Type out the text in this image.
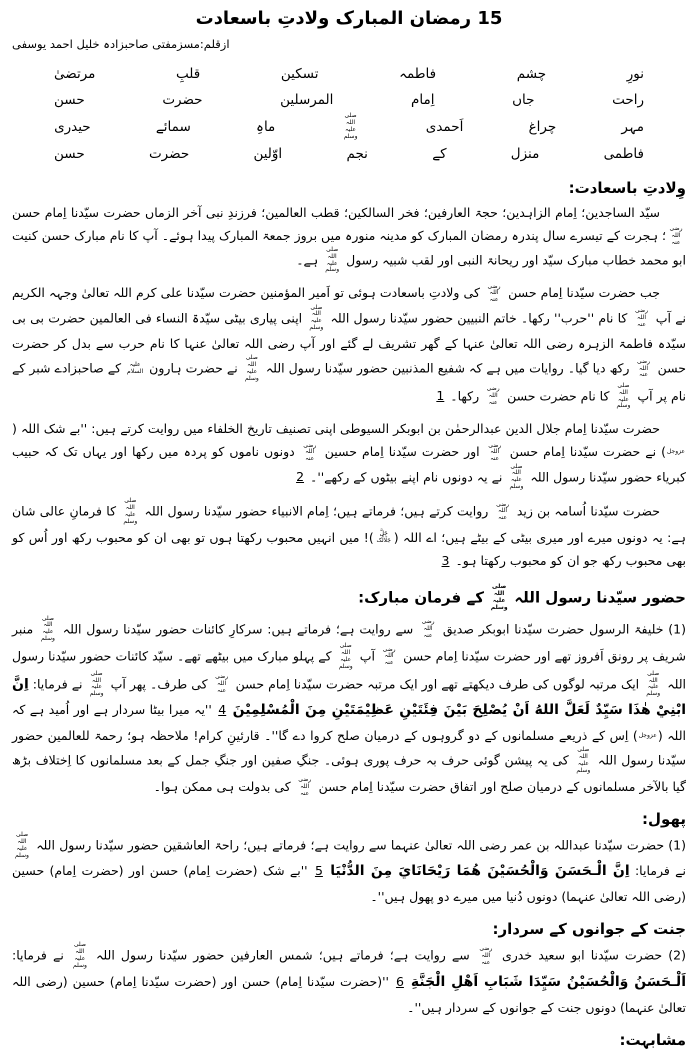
15 رمضان المبارک ولادتِ باسعادت
ازقلم:مسزمفتی صاحبزادہ خلیل احمد یوسفی
نورِ
چشم
فاطمہ
تسکین
قلبِ
مرتضیٰ
راحت
جاں
اِمام
المرسلین
حضرت
حسن
مہر
چراغ
اَحمدی
صلی اللہ علیہ وسلم
ماہِ
سمائے
حیدری
فاطمی
منزل
کے
نجم
اوّلین
حضرت
حسن
وِلادتِ باسعادت:

سیّد الساجدین؛ اِمام الزاہدین؛ حجۃ العارفین؛ فخر السالکین؛ قطب العالمین؛ فرزندِ نبی آخر الزماں حضرت سیّدنا اِمام حسن رضی اللہ عنہ؛ ہجرت کے تیسرے سال پندرہ رمضان المبارک کو مدینہ منورہ میں بروز جمعۃ المبارک پیدا ہوئے۔ آپ کا نام مبارک حسن کنیت ابو محمد خطاب مبارک سیّد اور ریحانۃ النبی اور لقب شبیہ رسول صلی اللہ علیہ وسلم ہے۔

جب حضرت سیّدنا اِمام حسن رضی اللہ عنہ کی ولادتِ باسعادت ہوئی تو اَمیر المؤمنین حضرت سیّدنا علی کرم اللہ تعالیٰ وجہہ الکریم نے آپ رضی اللہ عنہ کا نام ''حرب'' رکھا۔ خاتم النبیین حضور سیّدنا رسول اللہ صلی اللہ علیہ وسلم اپنی پیاری بیٹی سیّدۃ النساء فی العالمین حضرت بی بی سیّدہ فاطمۃ الزہرہ رضی اللہ تعالیٰ عنہا کے گھر تشریف لے گئے اور آپ رضی اللہ تعالیٰ عنہا کا نام حرب سے بدل کر حضرت حسن رضی اللہ عنہ رکھ دیا گیا۔ روایات میں ہے کہ شفیع المذنبین حضور سیّدنا رسول اللہ صلی اللہ علیہ وسلم نے حضرت ہارون علیہ السلام کے صاحبزادے شبر کے نام پر آپ صلی اللہ علیہ وسلم کا نام حضرت حسن رضی اللہ عنہ رکھا۔ 1

حضرت سیّدنا اِمام جلال الدین عبدالرحمٰن بن ابوبکر السیوطی اپنی تصنیف تاریخ الخلفاء میں روایت کرتے ہیں: ''بے شک اللہ (عزوجل) نے حضرت سیّدنا اِمام حسن رضی اللہ عنہ اور حضرت سیّدنا اِمام حسین رضی اللہ عنہ دونوں ناموں کو پردہ میں رکھا اور یہاں تک کہ حبیب کبریاء حضور سیّدنا رسول اللہ صلی اللہ علیہ وسلم نے یہ دونوں نام اپنے بیٹوں کے رکھے''۔ 2

حضرت سیّدنا اُسامہ بن زید رضی اللہ عنہ روایت کرتے ہیں؛ فرماتے ہیں؛ اِمام الانبیاء حضور سیّدنا رسول اللہ صلی اللہ علیہ وسلم کا فرمانِ عالی شان ہے: یہ دونوں میرے اور میری بیٹی کے بیٹے ہیں؛ اے اللہ (جَلَّ جَلَالُک)! میں انہیں محبوب رکھتا ہوں تو بھی ان کو محبوب رکھ اور اُس کو بھی محبوب رکھ جو ان کو محبوب رکھتا ہو۔ 3

حضور سیّدنا رسول اللہ صلی اللہ علیہ وسلم کے فرمان مبارک:

(1) خلیفۃ الرسول حضرت سیّدنا ابوبکر صدیق رضی اللہ عنہ سے روایت ہے؛ فرماتے ہیں: سرکارِ کائنات حضور سیّدنا رسول اللہ صلی اللہ علیہ وسلم منبر شریف پر رونق اَفروز تھے اور حضرت سیّدنا اِمام حسن رضی اللہ عنہ آپ صلی اللہ علیہ وسلم کے پہلو مبارک میں بیٹھے تھے۔ سیّد کائنات حضور سیّدنا رسول اللہ صلی اللہ علیہ وسلم ایک مرتبہ لوگوں کی طرف دیکھتے تھے اور ایک مرتبہ حضرت سیّدنا اِمام حسن رضی اللہ عنہ کی طرف۔ پھر آپ صلی اللہ علیہ وسلم نے فرمایا: اِنَّ ابْنِيْ هٰذَا سَيِّدٌ لَعَلَّ اللهُ اَنْ يُصْلِحَ بَيْنَ فِئَتَيْنِ عَظِيْمَتَيْنِ مِنَ الْمُسْلِمِيْنَ 4 ''یہ میرا بیٹا سردار ہے اور اُمید ہے کہ اللہ (عزوجل) اِس کے ذریعے مسلمانوں کے دو گروہوں کے درمیان صلح کروا دے گا''۔ قارئینِ کرام! ملاحظہ ہو؛ رحمۃ للعالمین حضور سیّدنا رسول اللہ صلی اللہ علیہ وسلم کی یہ پیشن گوئی حرف بہ حرف پوری ہوئی۔ جنگِ صفین اور جنگِ جمل کے بعد مسلمانوں کا اِختلاف بڑھ گیا بالآخر مسلمانوں کے درمیان صلح اور اتفاق حضرت سیّدنا اِمام حسن رضی اللہ عنہ کی بدولت ہی ممکن ہوا۔

پھول:

(1) حضرت سیّدنا عبداللہ بن عمر رضی اللہ تعالیٰ عنہما سے روایت ہے؛ فرماتے ہیں؛ راحۃ العاشقین حضور سیّدنا رسول اللہ صلی اللہ علیہ وسلم نے فرمایا: اِنَّ الْـحَسَنَ وَالْحُسَيْنَ هُمَا رَيْحَانَايَ مِنَ الدُّنْيَا 5 ''بے شک (حضرت اِمام) حسن اور (حضرت اِمام) حسین (رضی اللہ تعالیٰ عنہما) دونوں دُنیا میں میرے دو پھول ہیں''۔

جنت کے جوانوں کے سردار:

(2) حضرت سیّدنا ابو سعید خدری رضی اللہ عنہ سے روایت ہے؛ فرماتے ہیں؛ شمس العارفین حضور سیّدنا رسول اللہ صلی اللہ علیہ وسلم نے فرمایا: اَلْـحَسَنُ وَالْحُسَيْنُ سَيِّدَا شَبَابِ اَهْلِ الْجَنَّةِ 6 ''(حضرت سیّدنا اِمام) حسن اور (حضرت سیّدنا اِمام) حسین (رضی اللہ تعالیٰ عنہما) دونوں جنت کے جوانوں کے سردار ہیں''۔

مشابہت:
